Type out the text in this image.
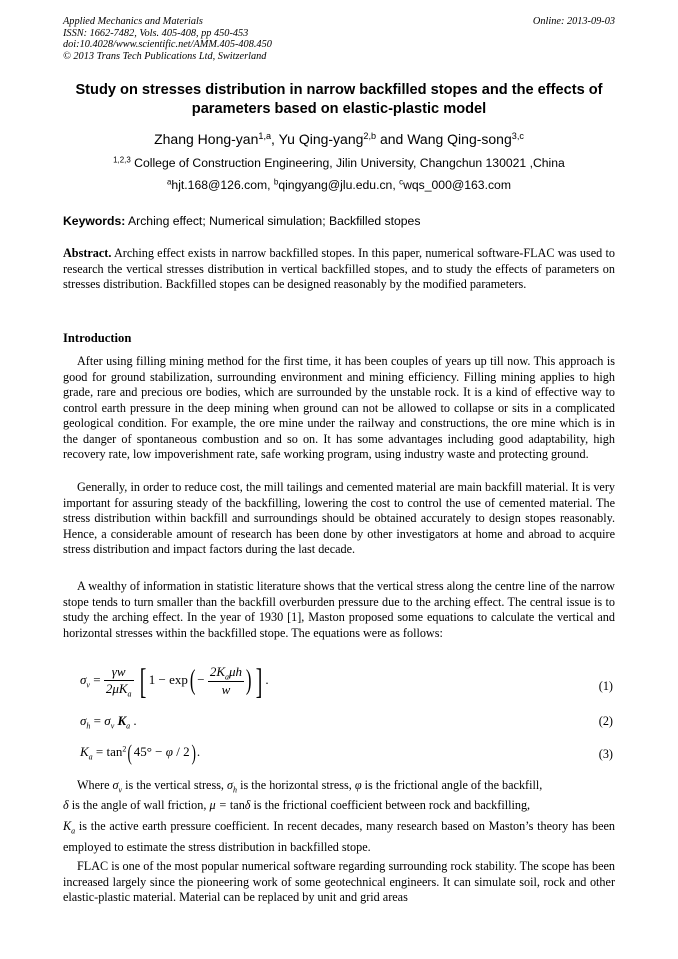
Applied Mechanics and Materials
ISSN: 1662-7482, Vols. 405-408, pp 450-453
doi:10.4028/www.scientific.net/AMM.405-408.450
© 2013 Trans Tech Publications Ltd, Switzerland
Online: 2013-09-03
Study on stresses distribution in narrow backfilled stopes and the effects of parameters based on elastic-plastic model
Zhang Hong-yan$^{1,a}$, Yu Qing-yang$^{2,b}$ and Wang Qing-song$^{3,c}$
$^{1,2,3}$ College of Construction Engineering, Jilin University, Changchun 130021 ,China
$^a$hjt.168@126.com, $^b$qingyang@jlu.edu.cn, $^c$wqs_000@163.com
Keywords: Arching effect; Numerical simulation; Backfilled stopes
Abstract. Arching effect exists in narrow backfilled stopes. In this paper, numerical software-FLAC was used to research the vertical stresses distribution in vertical backfilled stopes, and to study the effects of parameters on stresses distribution. Backfilled stopes can be designed reasonably by the modified parameters.
Introduction
After using filling mining method for the first time, it has been couples of years up till now. This approach is good for ground stabilization, surrounding environment and mining efficiency. Filling mining applies to high grade, rare and precious ore bodies, which are surrounded by the unstable rock. It is a kind of effective way to control earth pressure in the deep mining when ground can not be allowed to collapse or sits in a complicated geological condition. For example, the ore mine under the railway and constructions, the ore mine which is in the danger of spontaneous combustion and so on. It has some advantages including good adaptability, high recovery rate, low impoverishment rate, safe working program, using industry waste and protecting ground.
Generally, in order to reduce cost, the mill tailings and cemented material are main backfill material. It is very important for assuring steady of the backfilling, lowering the cost to control the use of cemented material. The stress distribution within backfill and surroundings should be obtained accurately to design stopes reasonably. Hence, a considerable amount of research has been done by other investigators at home and abroad to acquire stress distribution and impact factors during the last decade.
A wealthy of information in statistic literature shows that the vertical stress along the centre line of the narrow stope tends to turn smaller than the backfill overburden pressure due to the arching effect. The central issue is to study the arching effect. In the year of 1930 [1], Maston proposed some equations to calculate the vertical and horizontal stresses within the backfilled stope. The equations were as follows:
$\sigma_v = \frac{\gamma w}{2\mu K_a}$ [ $1 - \exp( - \frac{2K_a\mu h}{w}$ ) ] .	(1)
$\sigma_h = \sigma_v$ $K_a$ .	(2)
$K_a = \tan^2(45^\circ - \varphi / 2)$.	(3)
Where $\sigma_v$ is the vertical stress, $\sigma_h$ is the horizontal stress, φ is the frictional angle of the backfill,
δ is the angle of wall friction, μ = tanδ is the frictional coefficient between rock and backfilling,
$K_a$ is the active earth pressure coefficient. In recent decades, many research based on Maston’s theory has been employed to estimate the stress distribution in backfilled stope.
FLAC is one of the most popular numerical software regarding surrounding rock stability. The scope has been increased largely since the pioneering work of some geotechnical engineers. It can simulate soil, rock and other elastic-plastic material. Material can be replaced by unit and grid areas
